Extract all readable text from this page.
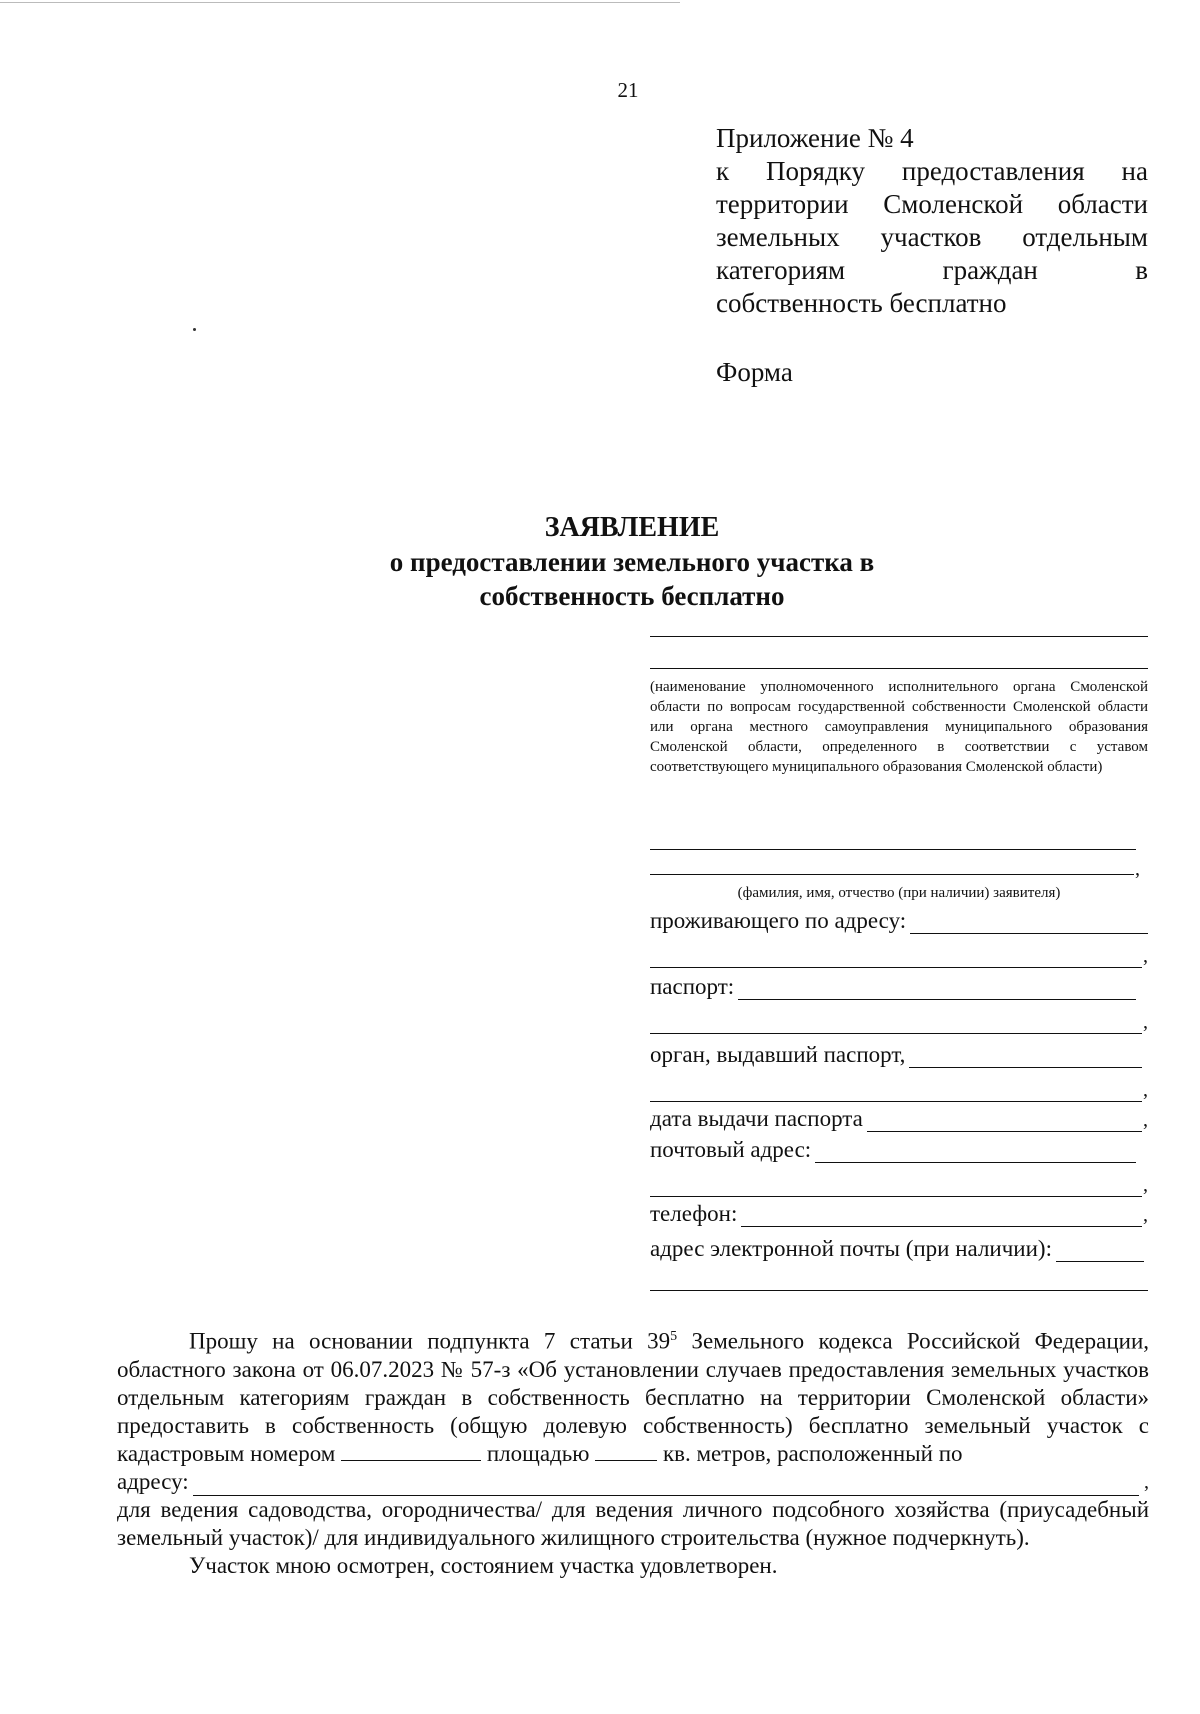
21
Приложение № 4
к Порядку предоставления на
территории Смоленской области
земельных участков отдельным
категориям граждан в
собственность бесплатно
Форма
ЗАЯВЛЕНИЕ
о предоставлении земельного участка в
собственность бесплатно
(наименование уполномоченного исполнительного органа Смоленской области по вопросам государственной собственности Смоленской области или органа местного самоуправления муниципального образования Смоленской области, определенного в соответствии с уставом соответствующего муниципального образования Смоленской области)
,
(фамилия, имя, отчество (при наличии) заявителя)
проживающего по адресу:
,
паспорт:
,
орган, выдавший паспорт,
,
дата выдачи паспорта	,
почтовый адрес:
,
телефон:	,
адрес электронной почты (при наличии):

Прошу на основании подпункта 7 статьи $39^5$ Земельного кодекса Российской Федерации, областного закона от 06.07.2023 № 57-з «Об установлении случаев предоставления земельных участков отдельным категориям граждан в собственность бесплатно на территории Смоленской области» предоставить в собственность (общую долевую собственность) бесплатно земельный участок с кадастровым номером	площадью	кв. метров, расположенный по

адресу:	,

для ведения садоводства, огородничества/ для ведения личного подсобного хозяйства (приусадебный земельный участок)/ для индивидуального жилищного строительства (нужное подчеркнуть).

Участок мною осмотрен, состоянием участка удовлетворен.
